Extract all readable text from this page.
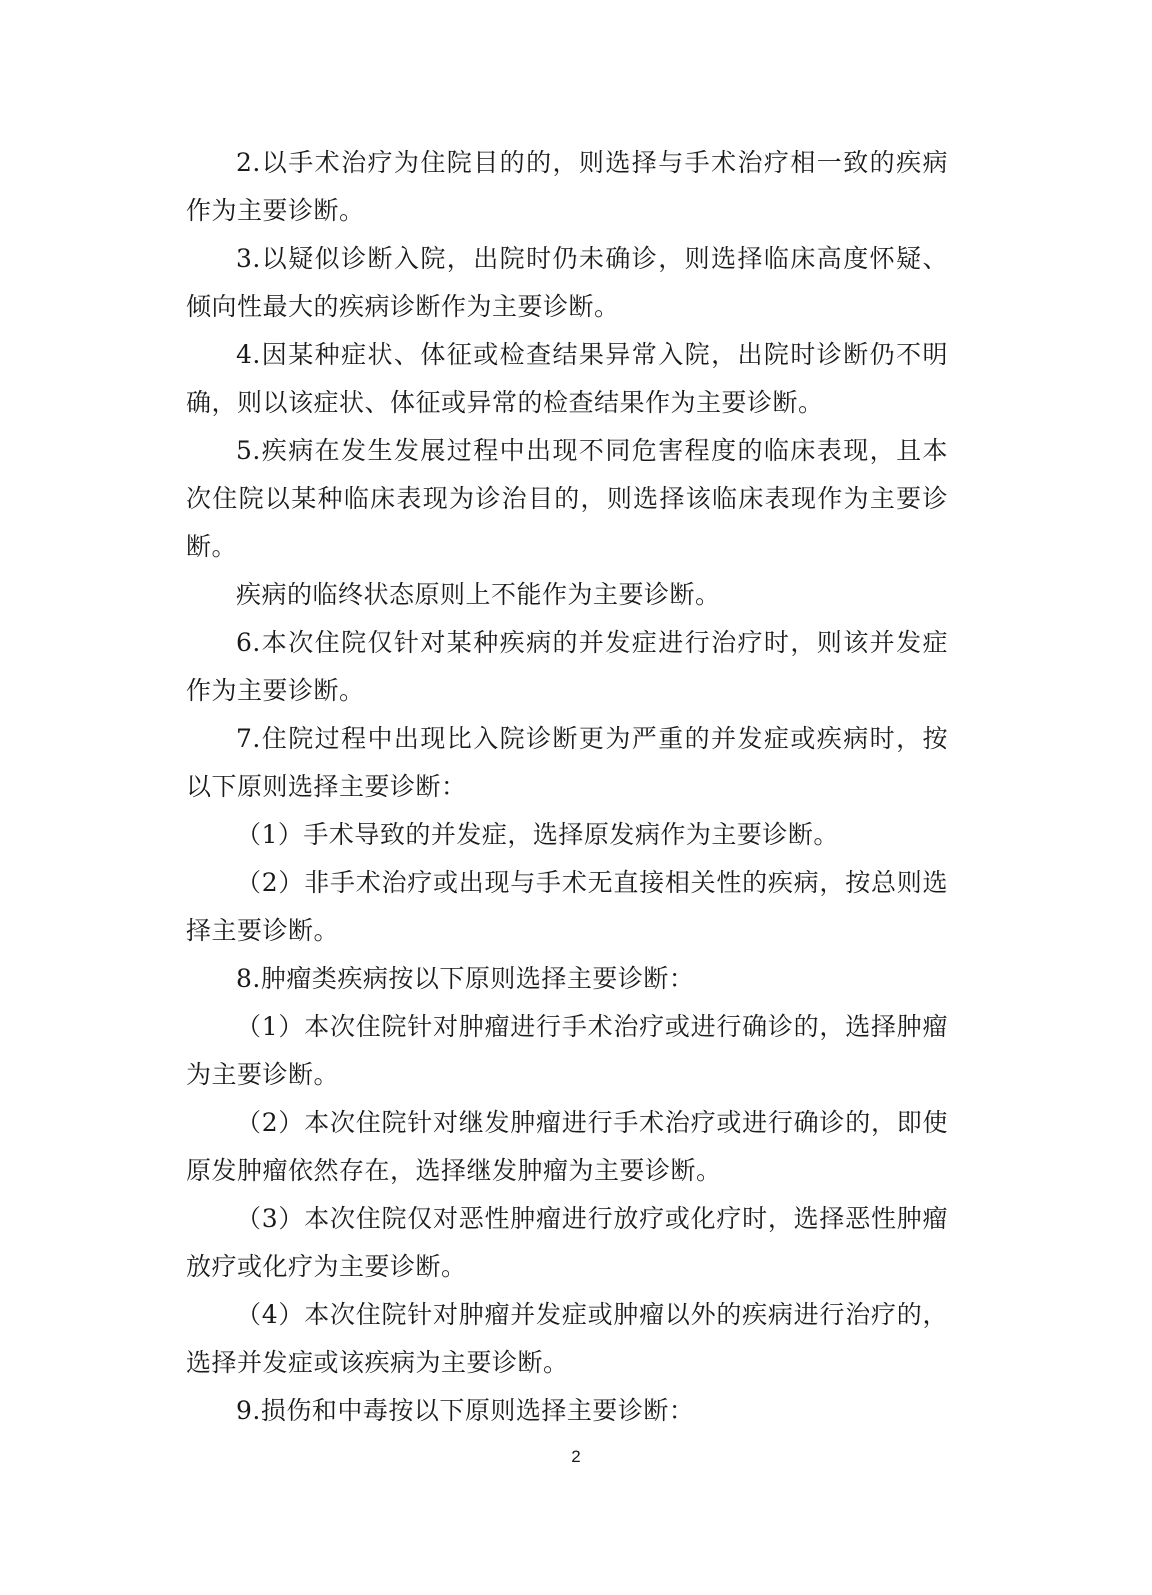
2.以手术治疗为住院目的的，则选择与手术治疗相一致的疾病作为主要诊断。

3.以疑似诊断入院，出院时仍未确诊，则选择临床高度怀疑、倾向性最大的疾病诊断作为主要诊断。

4.因某种症状、体征或检查结果异常入院，出院时诊断仍不明确，则以该症状、体征或异常的检查结果作为主要诊断。

5.疾病在发生发展过程中出现不同危害程度的临床表现，且本次住院以某种临床表现为诊治目的，则选择该临床表现作为主要诊断。

疾病的临终状态原则上不能作为主要诊断。

6.本次住院仅针对某种疾病的并发症进行治疗时，则该并发症作为主要诊断。

7.住院过程中出现比入院诊断更为严重的并发症或疾病时，按以下原则选择主要诊断：

（1）手术导致的并发症，选择原发病作为主要诊断。

（2）非手术治疗或出现与手术无直接相关性的疾病，按总则选择主要诊断。

8.肿瘤类疾病按以下原则选择主要诊断：

（1）本次住院针对肿瘤进行手术治疗或进行确诊的，选择肿瘤为主要诊断。

（2）本次住院针对继发肿瘤进行手术治疗或进行确诊的，即使原发肿瘤依然存在，选择继发肿瘤为主要诊断。

（3）本次住院仅对恶性肿瘤进行放疗或化疗时，选择恶性肿瘤放疗或化疗为主要诊断。

（4）本次住院针对肿瘤并发症或肿瘤以外的疾病进行治疗的，选择并发症或该疾病为主要诊断。

9.损伤和中毒按以下原则选择主要诊断：

2
